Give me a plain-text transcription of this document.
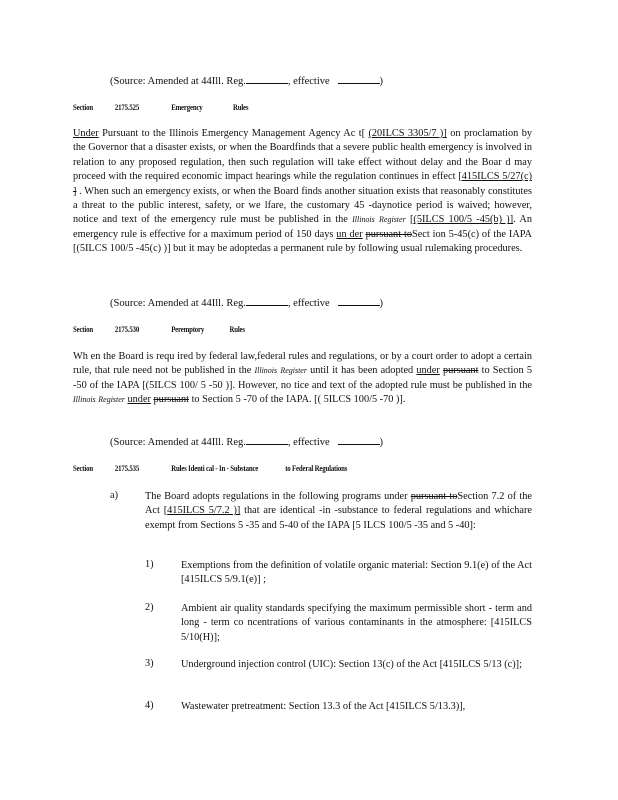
(Source: Amended at 44Ill. Reg.	, effective	)
Section	2175.525	Emergency	Rules
Under Pursuant to the Illinois Emergency Management Agency Ac t[ (20ILCS 3305/7 )] on proclamation by the Governor that a disaster exists, or when the Boardfinds that a severe public health emergency is involved in relation to any proposed regulation, then such regulation will take effect without delay and the Boar d may proceed with the required economic impact hearings while the regulation continues in effect [415ILCS 5/27(c) ] . When such an emergency exists, or when the Board finds another situation exists that reasonably constitutes a threat to the public interest, safety, or we lfare, the customary 45 -daynotice period is waived; however, notice and text of the emergency rule must be published in the Illinois Register [(5ILCS 100/5 -45(b) )]. An emergency rule is effective for a maximum period of 150 days un der pursuant toSect ion 5-45(c) of the IAPA [(5ILCS 100/5 -45(c) )] but it may be adoptedas a permanent rule by following usual rulemaking procedures.
(Source: Amended at 44Ill. Reg.	, effective	)
Section	2175.530	Peremptory	Rules
Wh en the Board is requ ired by federal law,federal rules and regulations, or by a court order to adopt a certain rule, that rule need not be published in the Illinois Register until it has been adopted under pursuant to Section 5 -50 of the IAPA [(5ILCS 100/ 5 -50 )]. However, no tice and text of the adopted rule must be published in the Illinois Register under pursuant to Section 5 -70 of the IAPA. [( 5ILCS 100/5 -70 )].
(Source: Amended at 44Ill. Reg.	, effective	)
Section	2175.535	Rules Identi cal - In - Substance	to Federal Regulations
a)	The Board adopts regulations in the following programs under pursuant toSection 7.2 of the Act [415ILCS 5/7.2 )] that are identical -in -substance to federal regulations and whichare exempt from Sections 5 -35 and 5-40 of the IAPA [5 ILCS 100/5 -35 and 5 -40]:
1)	Exemptions from the definition of volatile organic material: Section 9.1(e) of the Act [415ILCS 5/9.1(e)] ;
2)	Ambient air quality standards specifying the maximum permissible short - term and long - term co ncentrations of various contaminants in the atmosphere: [415ILCS 5/10(H)];
3)	Underground injection control (UIC): Section 13(c) of the Act [415ILCS 5/13 (c)];
4)	Wastewater pretreatment: Section 13.3 of the Act [415ILCS 5/13.3)],
